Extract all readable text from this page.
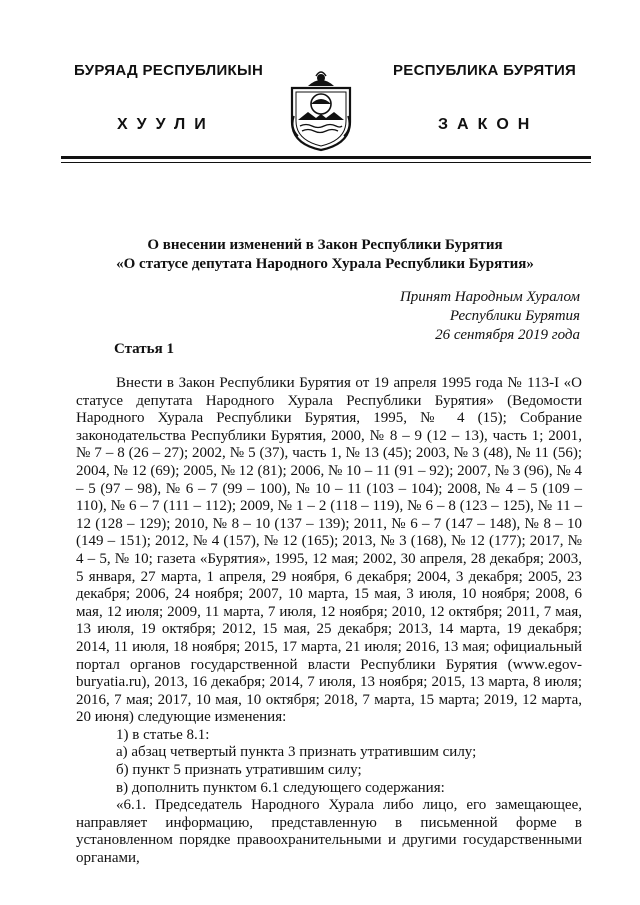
БУРЯАД РЕСПУБЛИКЫН	РЕСПУБЛИКА БУРЯТИЯ
ХУУЛИ	ЗАКОН
О внесении изменений в Закон Республики Бурятия
«О статусе депутата Народного Хурала Республики Бурятия»
Принят Народным Хуралом
Республики Бурятия
26 сентября 2019 года
Статья 1

Внести в Закон Республики Бурятия от 19 апреля 1995 года № 113-I «О статусе депутата Народного Хурала Республики Бурятия» (Ведомости Народного Хурала Республики Бурятия, 1995, № 4 (15); Собрание законодательства Республики Бурятия, 2000, № 8 – 9 (12 – 13), часть 1; 2001, № 7 – 8 (26 – 27); 2002, № 5 (37), часть 1, № 13 (45); 2003, № 3 (48), № 11 (56); 2004, № 12 (69); 2005, № 12 (81); 2006, № 10 – 11 (91 – 92); 2007, № 3 (96), № 4 – 5 (97 – 98), № 6 – 7 (99 – 100), № 10 – 11 (103 – 104); 2008, № 4 – 5 (109 – 110), № 6 – 7 (111 – 112); 2009, № 1 – 2 (118 – 119), № 6 – 8 (123 – 125), № 11 – 12 (128 – 129); 2010, № 8 – 10 (137 – 139); 2011, № 6 – 7 (147 – 148), № 8 – 10 (149 – 151); 2012, № 4 (157), № 12 (165); 2013, № 3 (168), № 12 (177); 2017, № 4 – 5, № 10; газета «Бурятия», 1995, 12 мая; 2002, 30 апреля, 28 декабря; 2003, 5 января, 27 марта, 1 апреля, 29 ноября, 6 декабря; 2004, 3 декабря; 2005, 23 декабря; 2006, 24 ноября; 2007, 10 марта, 15 мая, 3 июля, 10 ноября; 2008, 6 мая, 12 июля; 2009, 11 марта, 7 июля, 12 ноября; 2010, 12 октября; 2011, 7 мая, 13 июля, 19 октября; 2012, 15 мая, 25 декабря; 2013, 14 марта, 19 декабря; 2014, 11 июля, 18 ноября; 2015, 17 марта, 21 июля; 2016, 13 мая; официальный портал органов государственной власти Республики Бурятия (www.egov-buryatia.ru), 2013, 16 декабря; 2014, 7 июля, 13 ноября; 2015, 13 марта, 8 июля; 2016, 7 мая; 2017, 10 мая, 10 октября; 2018, 7 марта, 15 марта; 2019, 12 марта, 20 июня) следующие изменения:

1) в статье 8.1:

а) абзац четвертый пункта 3 признать утратившим силу;

б) пункт 5 признать утратившим силу;

в) дополнить пунктом 6.1 следующего содержания:

«6.1. Председатель Народного Хурала либо лицо, его замещающее, направляет информацию, представленную в письменной форме в установленном порядке правоохранительными и другими государственными органами,
